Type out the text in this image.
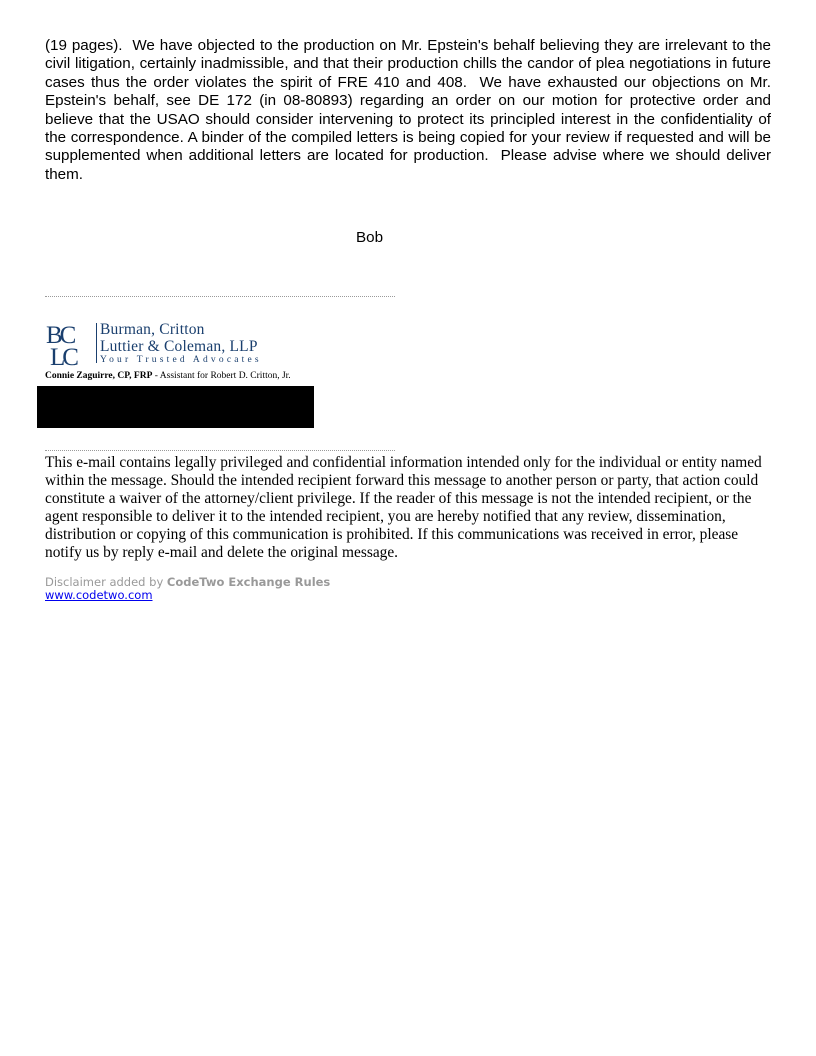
(19 pages).  We have objected to the production on Mr. Epstein's behalf believing they are irrelevant to the civil litigation, certainly inadmissible, and that their production chills the candor of plea negotiations in future cases thus the order violates the spirit of FRE 410 and 408.  We have exhausted our objections on Mr. Epstein's behalf, see DE 172 (in 08-80893) regarding an order on our motion for protective order and believe that the USAO should consider intervening to protect its principled interest in the confidentiality of the correspondence. A binder of the compiled letters is being copied for your review if requested and will be supplemented when additional letters are located for production.  Please advise where we should deliver them.

Bob
BC
LC
Burman, Critton
Luttier & Coleman, LLP
Your Trusted Advocates
Connie Zaguirre, CP, FRP - Assistant for Robert D. Critton, Jr.

This e-mail contains legally privileged and confidential information intended only for the individual or entity named within the message. Should the intended recipient forward this message to another person or party, that action could constitute a waiver of the attorney/client privilege. If the reader of this message is not the intended recipient, or the agent responsible to deliver it to the intended recipient, you are hereby notified that any review, dissemination, distribution or copying of this communication is prohibited. If this communications was received in error, please notify us by reply e-mail and delete the original message.

Disclaimer added by CodeTwo Exchange Rules
www.codetwo.com
